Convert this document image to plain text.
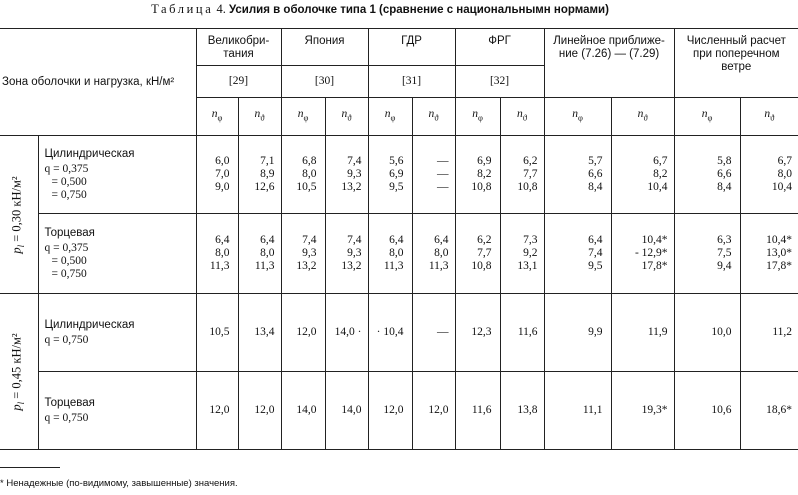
Таблица 4. Усилия в оболочке типа 1 (сравнение с национальнымн нормами)
Зона оболочки и нагрузка, кН/м²		Великобри-
тания		Япония		ГДР		ФРГ		Линейное приближе-
ние (7.26) — (7.29)		Численный расчет
при поперечном
ветре	

		[29]		[30]		[31]		[32]					
		$n_\varphi$	$n_ϑ$	$n_\varphi$	$n_ϑ$	$n_\varphi$	$n_ϑ$	$n_\varphi$	$n_ϑ$	$n_\varphi$	$n_ϑ$	$n_\varphi$	$n_ϑ$

$p_l = 0,30$ кН/м²	Цилиндрическая
q = 0,375
= 0,500
= 0,750	6,0
7,0
9,0	7,1
8,9
12,6	6,8
8,0
10,5	7,4
9,3
13,2	5,6
6,9
9,5	—
—
—	6,9
8,2
10,8	6,2
7,7
10,8	5,7
6,6
8,4	6,7
8,2
10,4	5,8
6,6
8,4	6,7
8,0
10,4

	Торцевая
q = 0,375
= 0,500
= 0,750	6,4
8,0
11,3	6,4
8,0
11,3	7,4
9,3
13,2	7,4
9,3
13,2	6,4
8,0
11,3	6,4
8,0
11,3	6,2
7,7
10,8	7,3
9,2
13,1	6,4
7,4
9,5	10,4*
- 12,9*
17,8*	6,3
7,5
9,4	10,4*
13,0*
17,8*

$p_l = 0,45$ кН/м²	Цилиндрическая
q = 0,750	10,5	13,4	12,0	14,0 ·	· 10,4	—	12,3	11,6	9,9	11,9	10,0	11,2

	Торцевая
q = 0,750	12,0	12,0	14,0	14,0	12,0	12,0	11,6	13,8	11,1	19,3*	10,6	18,6*
* Ненадежные (по-видимому, завышенные) значения.
